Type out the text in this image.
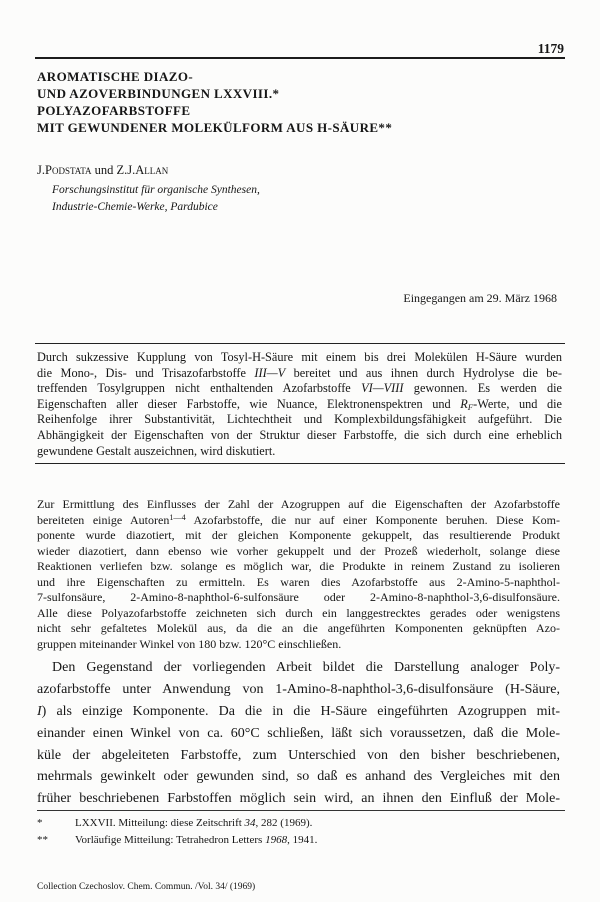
1179
AROMATISCHE DIAZO-
UND AZOVERBINDUNGEN LXXVIII.*
POLYAZOFARBSTOFFE
MIT GEWUNDENER MOLEKÜLFORM AUS H-SÄURE**
J.Podstata und Z.J.Allan
Forschungsinstitut für organische Synthesen,
Industrie-Chemie-Werke, Pardubice
Eingegangen am 29. März 1968
Durch sukzessive Kupplung von Tosyl-H-Säure mit einem bis drei Molekülen H-Säure wurden
die Mono-, Dis- und Trisazofarbstoffe III—V bereitet und aus ihnen durch Hydrolyse die be-
treffenden Tosylgruppen nicht enthaltenden Azofarbstoffe VI—VIII gewonnen. Es werden die
Eigenschaften aller dieser Farbstoffe, wie Nuance, Elektronenspektren und $R_F$-Werte, und die
Reihenfolge ihrer Substantivität, Lichtechtheit und Komplexbildungsfähigkeit aufgeführt. Die
Abhängigkeit der Eigenschaften von der Struktur dieser Farbstoffe, die sich durch eine erheblich
gewundene Gestalt auszeichnen, wird diskutiert.
Zur Ermittlung des Einflusses der Zahl der Azogruppen auf die Eigenschaften der Azofarbstoffe
bereiteten einige Autoren$^{1—4}$ Azofarbstoffe, die nur auf einer Komponente beruhen. Diese Kom-
ponente wurde diazotiert, mit der gleichen Komponente gekuppelt, das resultierende Produkt
wieder diazotiert, dann ebenso wie vorher gekuppelt und der Prozeß wiederholt, solange diese
Reaktionen verliefen bzw. solange es möglich war, die Produkte in reinem Zustand zu isolieren
und ihre Eigenschaften zu ermitteln. Es waren dies Azofarbstoffe aus 2-Amino-5-naphthol-
7-sulfonsäure, 2-Amino-8-naphthol-6-sulfonsäure oder 2-Amino-8-naphthol-3,6-disulfonsäure.
Alle diese Polyazofarbstoffe zeichneten sich durch ein langgestrecktes gerades oder wenigstens
nicht sehr gefaltetes Molekül aus, da die an die angeführten Komponenten geknüpften Azo-
gruppen miteinander Winkel von 180 bzw. 120°C einschließen.
Den Gegenstand der vorliegenden Arbeit bildet die Darstellung analoger Poly-
azofarbstoffe unter Anwendung von 1-Amino-8-naphthol-3,6-disulfonsäure (H-Säure,
I) als einzige Komponente. Da die in die H-Säure eingeführten Azogruppen mit-
einander einen Winkel von ca. 60°C schließen, läßt sich voraussetzen, daß die Mole-
küle der abgeleiteten Farbstoffe, zum Unterschied von den bisher beschriebenen,
mehrmals gewinkelt oder gewunden sind, so daß es anhand des Vergleiches mit den
früher beschriebenen Farbstoffen möglich sein wird, an ihnen den Einfluß der Mole-
*	LXXVII. Mitteilung: diese Zeitschrift 34, 282 (1969).
** Vorläufige Mitteilung: Tetrahedron Letters 1968, 1941.
Collection Czechoslov. Chem. Commun. /Vol. 34/ (1969)
